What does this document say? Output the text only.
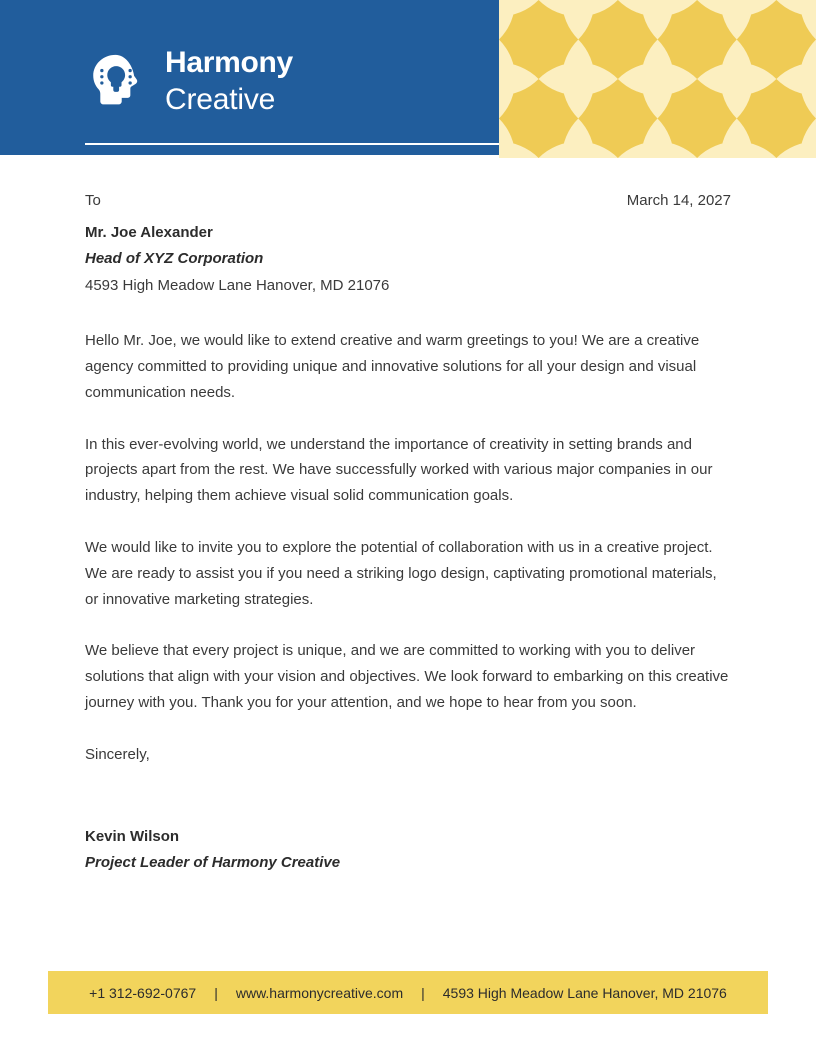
Harmony
Creative
To	March 14, 2027
Mr. Joe Alexander
Head of XYZ Corporation
4593 High Meadow Lane Hanover, MD 21076

Hello Mr. Joe, we would like to extend creative and warm greetings to you! We are a creative agency committed to providing unique and innovative solutions for all your design and visual communication needs.

In this ever-evolving world, we understand the importance of creativity in setting brands and projects apart from the rest. We have successfully worked with various major companies in our industry, helping them achieve visual solid communication goals.

We would like to invite you to explore the potential of collaboration with us in a creative project. We are ready to assist you if you need a striking logo design, captivating promotional materials, or innovative marketing strategies.

We believe that every project is unique, and we are committed to working with you to deliver solutions that align with your vision and objectives. We look forward to embarking on this creative journey with you. Thank you for your attention, and we hope to hear from you soon.

Sincerely,
Kevin Wilson
Project Leader of Harmony Creative
+1 312-692-0767	|	www.harmonycreative.com	|	4593 High Meadow Lane Hanover, MD 21076
